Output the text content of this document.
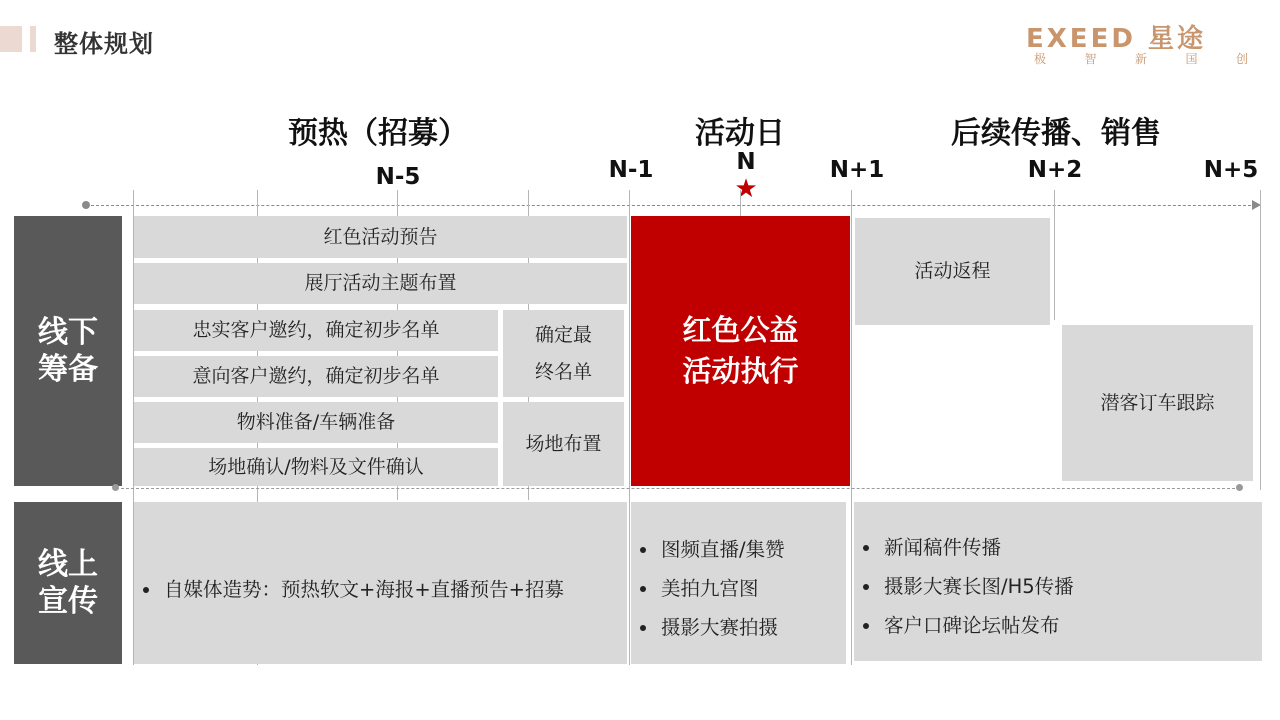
整体规划	EXEED 星途
极	智	新	国	创
预热（招募）	活动日	后续传播、销售
N-5	N-1	N
★
N+1	N+2	N+5
线下
筹备
线上
宣传
红色活动预告
展厅活动主题布置
忠实客户邀约，确定初步名单
意向客户邀约，确定初步名单
确定最
终名单
物料准备/车辆准备
场地确认/物料及文件确认
场地布置
红色公益
活动执行
活动返程
潜客订车跟踪
• 自媒体造势：预热软文+海报+直播预告+招募
• 图频直播/集赞
• 美拍九宫图
• 摄影大赛拍摄
• 新闻稿件传播
• 摄影大赛长图/H5传播
• 客户口碑论坛帖发布
